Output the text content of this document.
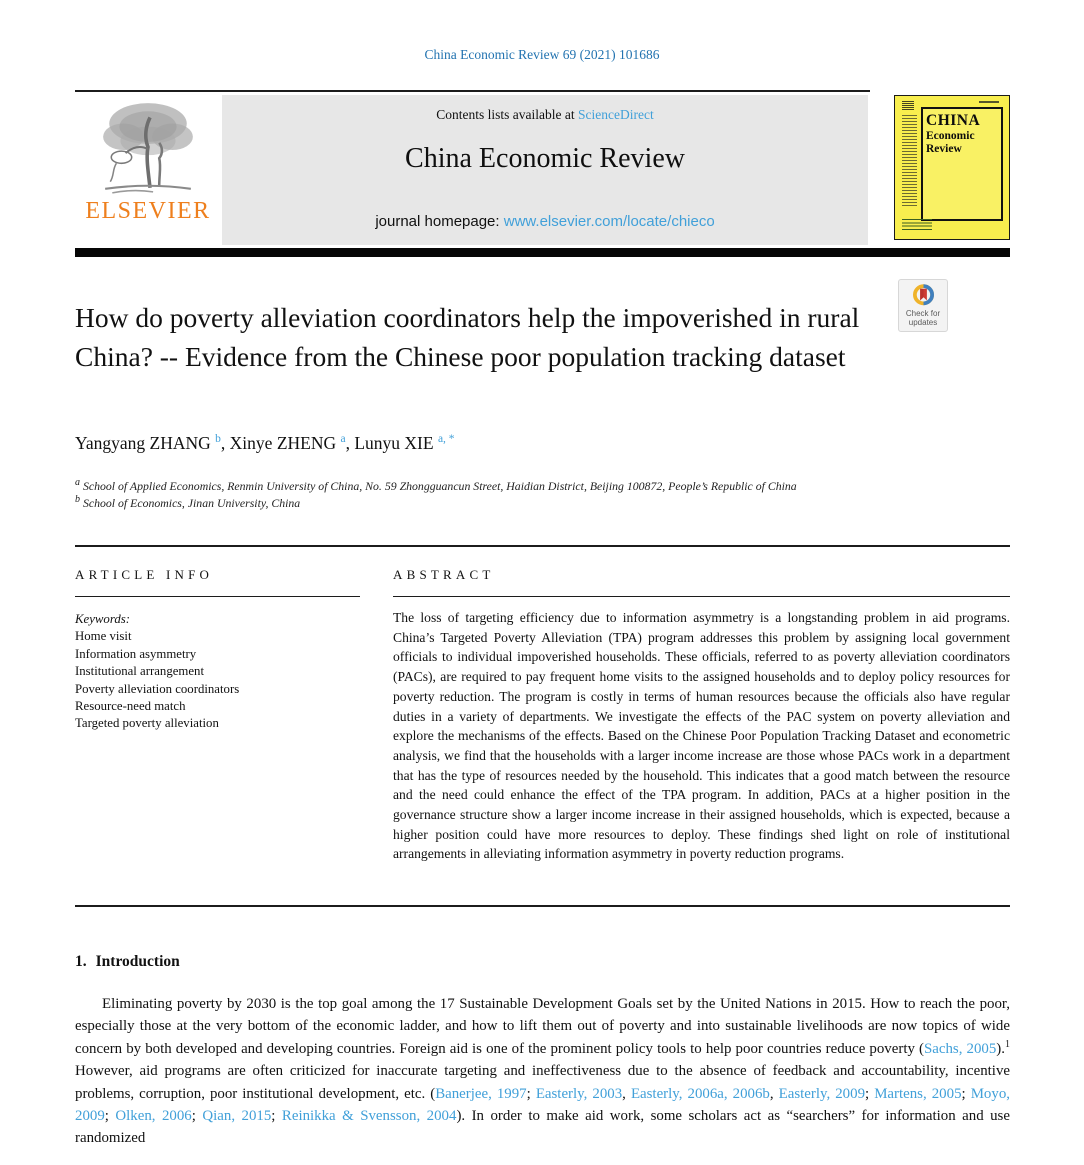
China Economic Review 69 (2021) 101686
ELSEVIER
Contents lists available at ScienceDirect
China Economic Review
journal homepage: www.elsevier.com/locate/chieco
CHINA
Economic
Review
How do poverty alleviation coordinators help the impoverished in rural China? -- Evidence from the Chinese poor population tracking dataset
Check for
updates
Yangyang ZHANG $^b$, Xinye ZHENG $^a$, Lunyu XIE $^{a, *}$
$^a$ School of Applied Economics, Renmin University of China, No. 59 Zhongguancun Street, Haidian District, Beijing 100872, People’s Republic of China
$^b$ School of Economics, Jinan University, China
ARTICLE INFO	ABSTRACT
Keywords:
Home visit
Information asymmetry
Institutional arrangement
Poverty alleviation coordinators
Resource-need match
Targeted poverty alleviation
The loss of targeting efficiency due to information asymmetry is a longstanding problem in aid programs. China’s Targeted Poverty Alleviation (TPA) program addresses this problem by assigning local government officials to individual impoverished households. These officials, referred to as poverty alleviation coordinators (PACs), are required to pay frequent home visits to the assigned households and to deploy policy resources for poverty reduction. The program is costly in terms of human resources because the officials also have regular duties in a variety of departments. We investigate the effects of the PAC system on poverty alleviation and explore the mechanisms of the effects. Based on the Chinese Poor Population Tracking Dataset and econometric analysis, we find that the households with a larger income increase are those whose PACs work in a department that has the type of resources needed by the household. This indicates that a good match between the resource and the need could enhance the effect of the TPA program. In addition, PACs at a higher position in the governance structure show a larger income increase in their assigned households, which is expected, because a higher position could have more resources to deploy. These findings shed light on role of institutional arrangements in alleviating information asymmetry in poverty reduction programs.
1. Introduction
Eliminating poverty by 2030 is the top goal among the 17 Sustainable Development Goals set by the United Nations in 2015. How to reach the poor, especially those at the very bottom of the economic ladder, and how to lift them out of poverty and into sustainable livelihoods are now topics of wide concern by both developed and developing countries. Foreign aid is one of the prominent policy tools to help poor countries reduce poverty (Sachs, 2005).$^1$ However, aid programs are often criticized for inaccurate targeting and ineffectiveness due to the absence of feedback and accountability, incentive problems, corruption, poor institutional development, etc. (Banerjee, 1997; Easterly, 2003, Easterly, 2006a, 2006b, Easterly, 2009; Martens, 2005; Moyo, 2009; Olken, 2006; Qian, 2015; Reinikka & Svensson, 2004). In order to make aid work, some scholars act as “searchers” for information and use randomized
